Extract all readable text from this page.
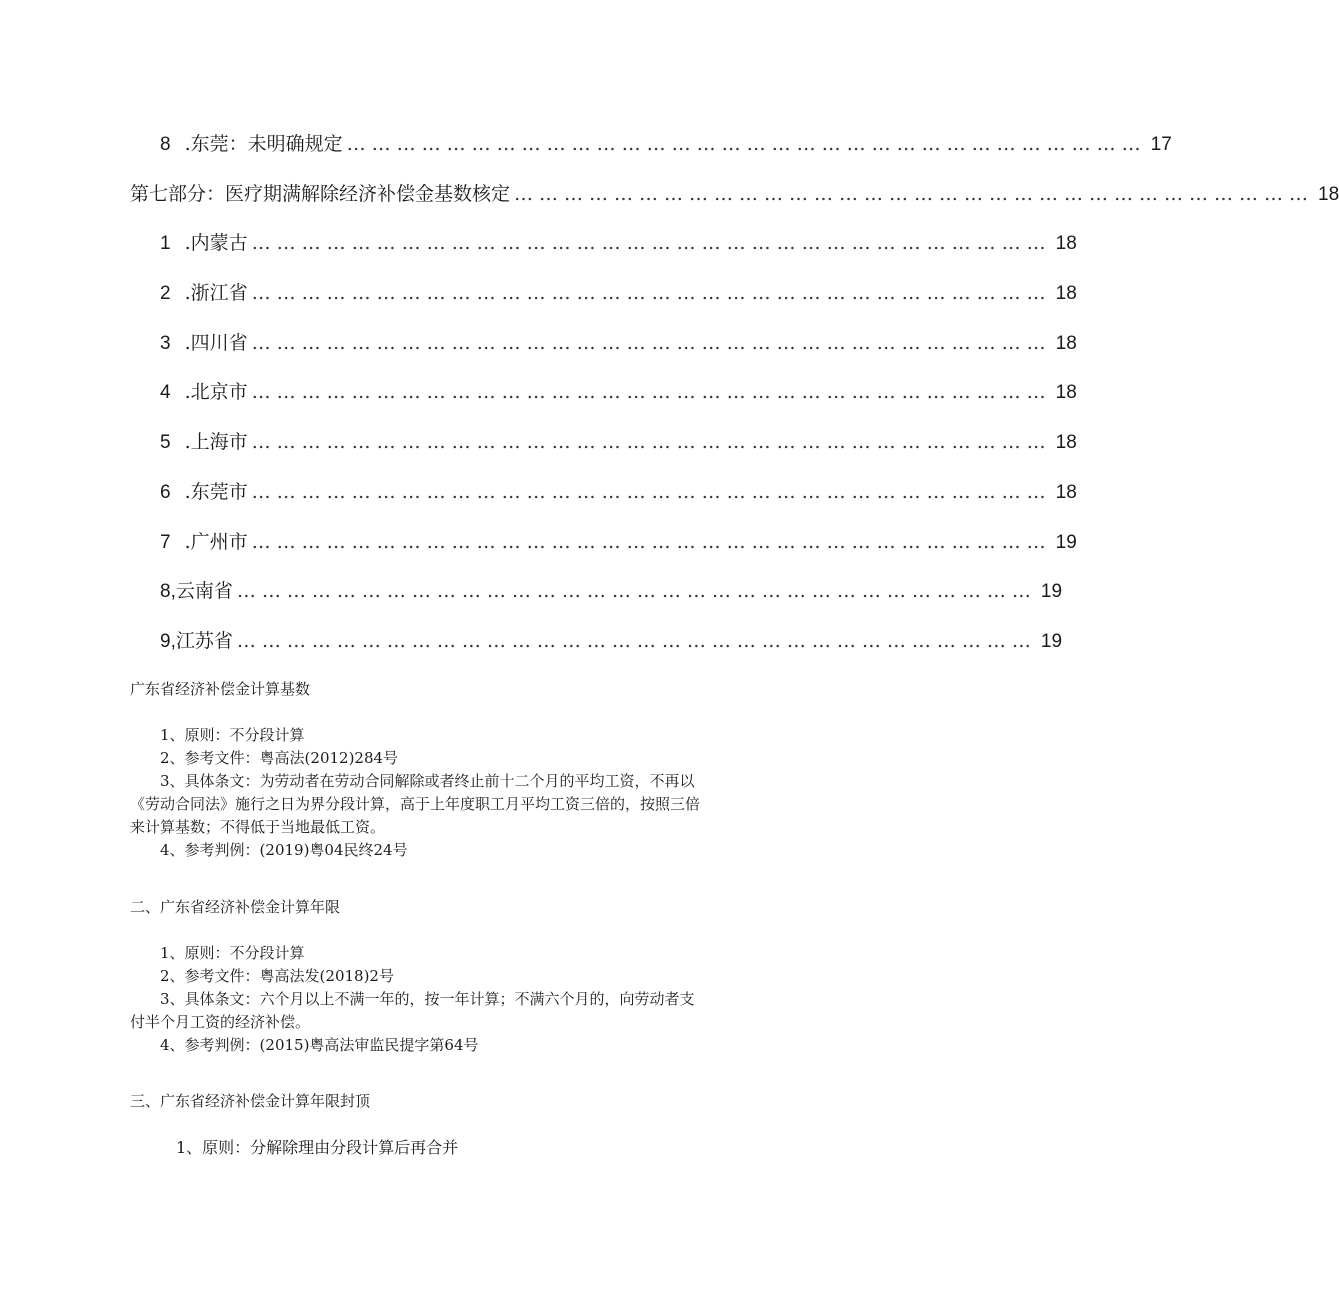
8 .东莞：未明确规定 …………………………………………………………………………………… 17
第七部分：医疗期满解除经济补偿金基数核定 …………………………………………………………………………………… 18
1 .内蒙古 …………………………………………………………………………………… 18
2 .浙江省 …………………………………………………………………………………… 18
3 .四川省 …………………………………………………………………………………… 18
4 .北京市 …………………………………………………………………………………… 18
5 .上海市 …………………………………………………………………………………… 18
6 .东莞市 …………………………………………………………………………………… 18
7 .广州市 …………………………………………………………………………………… 19
8, 云南省 …………………………………………………………………………………… 19
9, 江苏省 …………………………………………………………………………………… 19
广东省经济补偿金计算基数
1、原则：不分段计算
2、参考文件：粤高法(2012)284号
3、具体条文：为劳动者在劳动合同解除或者终止前十二个月的平均工资，不再以
《劳动合同法》施行之日为界分段计算，高于上年度职工月平均工资三倍的，按照三倍
来计算基数；不得低于当地最低工资。
4、参考判例：(2019)粤04民终24号
二、广东省经济补偿金计算年限
1、原则：不分段计算
2、参考文件：粤高法发(2018)2号
3、具体条文：六个月以上不满一年的，按一年计算；不满六个月的，向劳动者支
付半个月工资的经济补偿。
4、参考判例：(2015)粤高法审监民提字第64号
三、广东省经济补偿金计算年限封顶
1、原则：分解除理由分段计算后再合并
